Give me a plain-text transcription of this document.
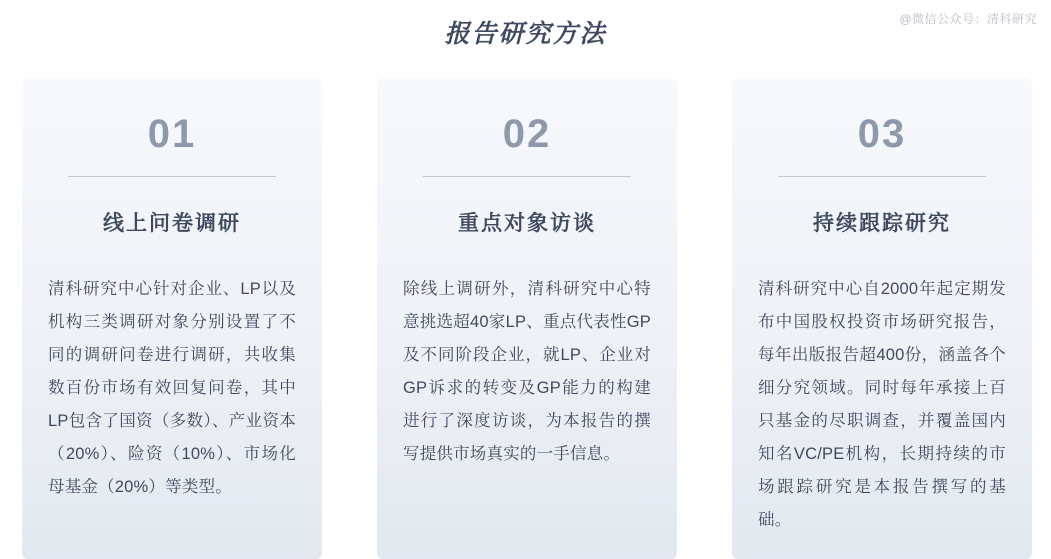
@微信公众号：清科研究
报告研究方法
01
线上问卷调研
清科研究中心针对企业、LP以及机构三类调研对象分别设置了不同的调研问卷进行调研，共收集数百份市场有效回复问卷，其中LP包含了国资（多数）、产业资本（20%）、险资（10%）、市场化母基金（20%）等类型。
02
重点对象访谈
除线上调研外，清科研究中心特意挑选超40家LP、重点代表性GP及不同阶段企业，就LP、企业对GP诉求的转变及GP能力的构建进行了深度访谈，为本报告的撰写提供市场真实的一手信息。
03
持续跟踪研究
清科研究中心自2000年起定期发布中国股权投资市场研究报告，每年出版报告超400份，涵盖各个细分究领域。同时每年承接上百只基金的尽职调查，并覆盖国内知名VC/PE机构，长期持续的市场跟踪研究是本报告撰写的基础。
